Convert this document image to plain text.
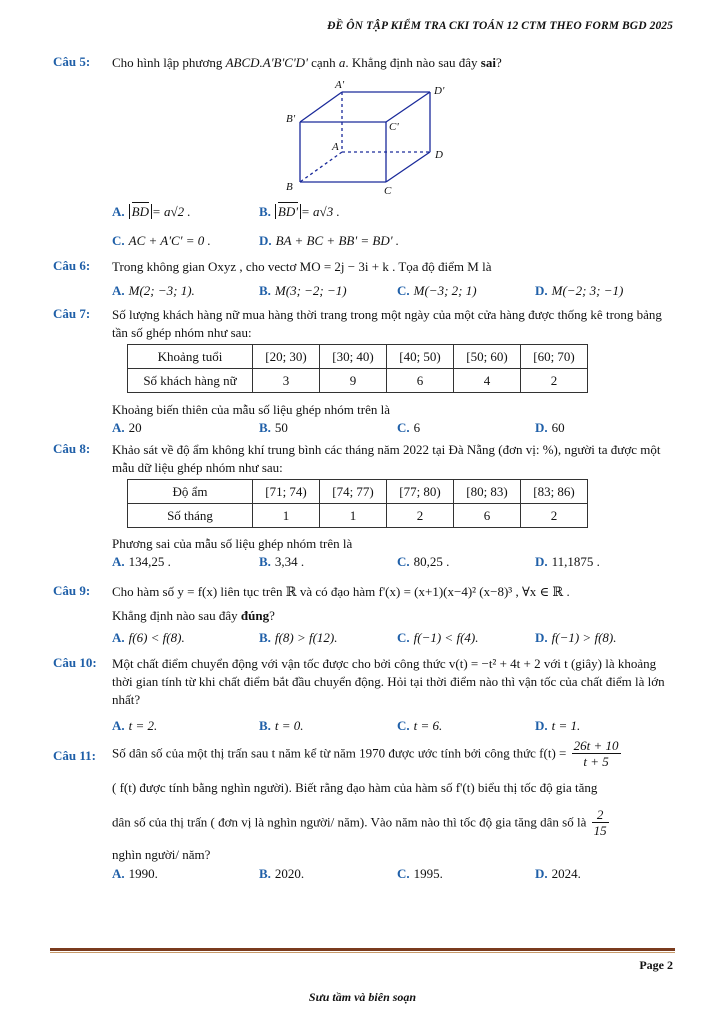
ĐỀ ÔN TẬP KIỂM TRA CKI TOÁN 12 CTM THEO FORM BGD 2025
Câu 5: Cho hình lập phương ABCD.A'B'C'D' cạnh a. Khẳng định nào sau đây sai?
A'	D'
B'
C'
A
D
B	C
A. BD = a√2 .	B. BD' = a√3 .
C. AC + A'C' = 0 .	D. BA + BC + BB' = BD' .
Câu 6: Trong không gian Oxyz , cho vectơ MO = 2j − 3i + k . Tọa độ điểm M là
A. M(2; −3; 1).	B. M(3; −2; −1)	C. M(−3; 2; 1)	D. M(−2; 3; −1)
Câu 7: Số lượng khách hàng nữ mua hàng thời trang trong một ngày của một cửa hàng được thống kê trong bảng tần số ghép nhóm như sau:
Khoảng tuổi	[20; 30)	[30; 40)	[40; 50)	[50; 60)	[60; 70)
Số khách hàng nữ	3	9	6	4	2
Khoảng biến thiên của mẫu số liệu ghép nhóm trên là
A. 20	B. 50	C. 6	D. 60
Câu 8: Khảo sát về độ ẩm không khí trung bình các tháng năm 2022 tại Đà Nẵng (đơn vị: %), người ta được một mẫu dữ liệu ghép nhóm như sau:
Độ ẩm	[71; 74)	[74; 77)	[77; 80)	[80; 83)	[83; 86)
Số tháng	1	1	2	6	2
Phương sai của mẫu số liệu ghép nhóm trên là
A. 134,25 .	B. 3,34 .	C. 80,25 .	D. 11,1875 .
Câu 9: Cho hàm số y = f(x) liên tục trên ℝ và có đạo hàm f'(x) = (x+1)(x−4)² (x−8)³ , ∀x ∈ ℝ .
Khẳng định nào sau đây đúng?
A. f(6) < f(8).	B. f(8) > f(12).	C. f(−1) < f(4).	D. f(−1) > f(8).
Câu 10: Một chất điểm chuyển động với vận tốc được cho bởi công thức v(t) = −t² + 4t + 2 với t (giây) là khoảng thời gian tính từ khi chất điểm bắt đầu chuyển động. Hỏi tại thời điểm nào thì vận tốc của chất điểm là lớn nhất?
A. t = 2.	B. t = 0.	C. t = 6.	D. t = 1.
Câu 11: Số dân số của một thị trấn sau t năm kể từ năm 1970 được ước tính bởi công thức $f(t) = \frac{26t + 10}{t + 5}$
( f(t) được tính bằng nghìn người). Biết rằng đạo hàm của hàm số f'(t) biểu thị tốc độ gia tăng
dân số của thị trấn ( đơn vị là nghìn người/ năm). Vào năm nào thì tốc độ gia tăng dân số là $\frac{2}{15}$
nghìn người/ năm?
A. 1990.	B. 2020.	C. 1995.	D. 2024.
Page 2
Sưu tầm và biên soạn
